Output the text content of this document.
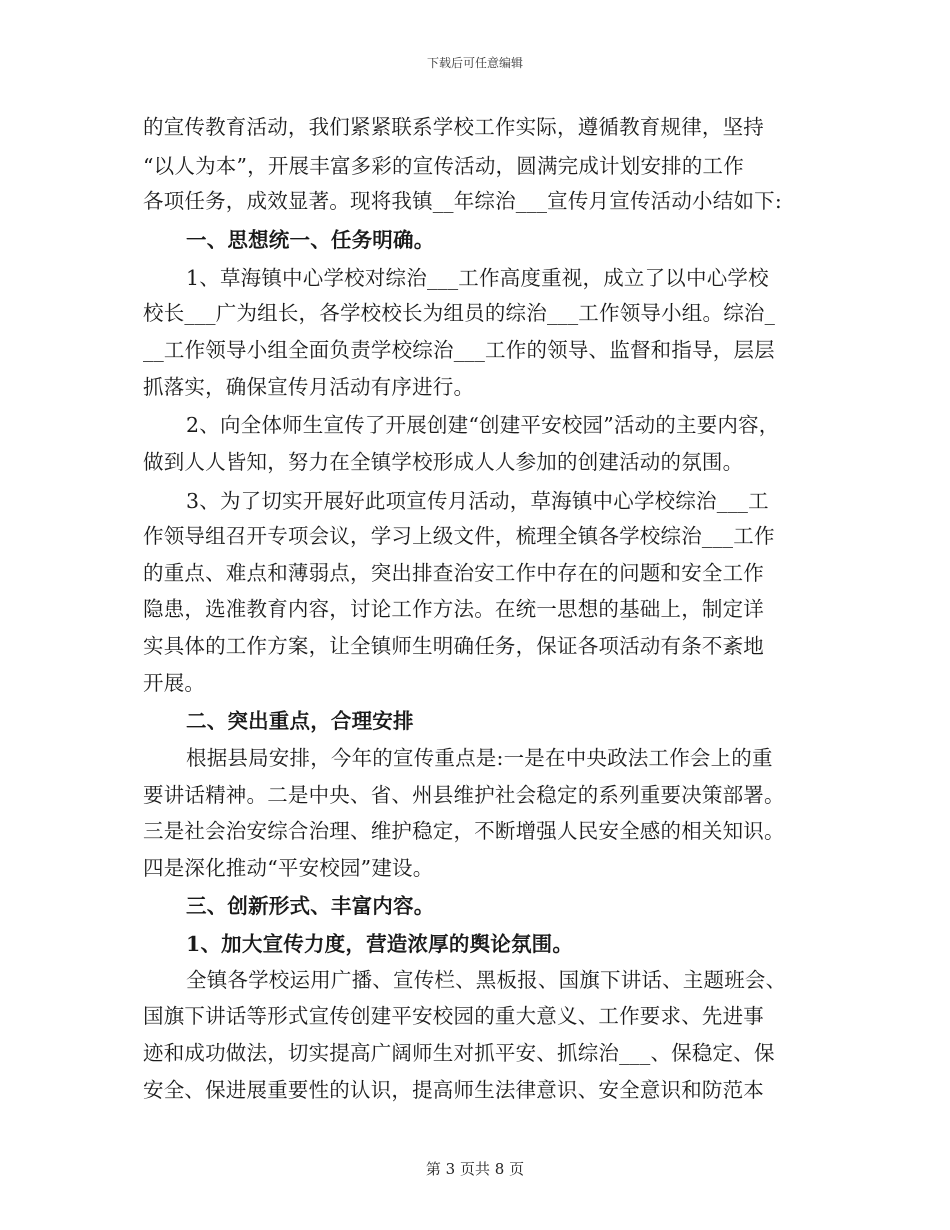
下载后可任意编辑
的宣传教育活动，我们紧紧联系学校工作实际，遵循教育规律，坚持
“以人为本”，开展丰富多彩的宣传活动，圆满完成计划安排的工作
各项任务，成效显著。现将我镇__年综治___宣传月宣传活动小结如下:
一、思想统一、任务明确。
1、草海镇中心学校对综治___工作高度重视，成立了以中心学校
校长___广为组长，各学校校长为组员的综治___工作领导小组。综治_
__工作领导小组全面负责学校综治___工作的领导、监督和指导，层层
抓落实，确保宣传月活动有序进行。
2、向全体师生宣传了开展创建“创建平安校园”活动的主要内容，
做到人人皆知，努力在全镇学校形成人人参加的创建活动的氛围。
3、为了切实开展好此项宣传月活动，草海镇中心学校综治___工
作领导组召开专项会议，学习上级文件，梳理全镇各学校综治___工作
的重点、难点和薄弱点，突出排查治安工作中存在的问题和安全工作
隐患，选准教育内容，讨论工作方法。在统一思想的基础上，制定详
实具体的工作方案，让全镇师生明确任务，保证各项活动有条不紊地
开展。
二、突出重点，合理安排
根据县局安排，今年的宣传重点是:一是在中央政法工作会上的重
要讲话精神。二是中央、省、州县维护社会稳定的系列重要决策部署。
三是社会治安综合治理、维护稳定，不断增强人民安全感的相关知识。
四是深化推动“平安校园”建设。
三、创新形式、丰富内容。
1、加大宣传力度，营造浓厚的舆论氛围。
全镇各学校运用广播、宣传栏、黑板报、国旗下讲话、主题班会、
国旗下讲话等形式宣传创建平安校园的重大意义、工作要求、先进事
迹和成功做法，切实提高广阔师生对抓平安、抓综治___、保稳定、保
安全、保进展重要性的认识，提高师生法律意识、安全意识和防范本
第 3 页共 8 页
